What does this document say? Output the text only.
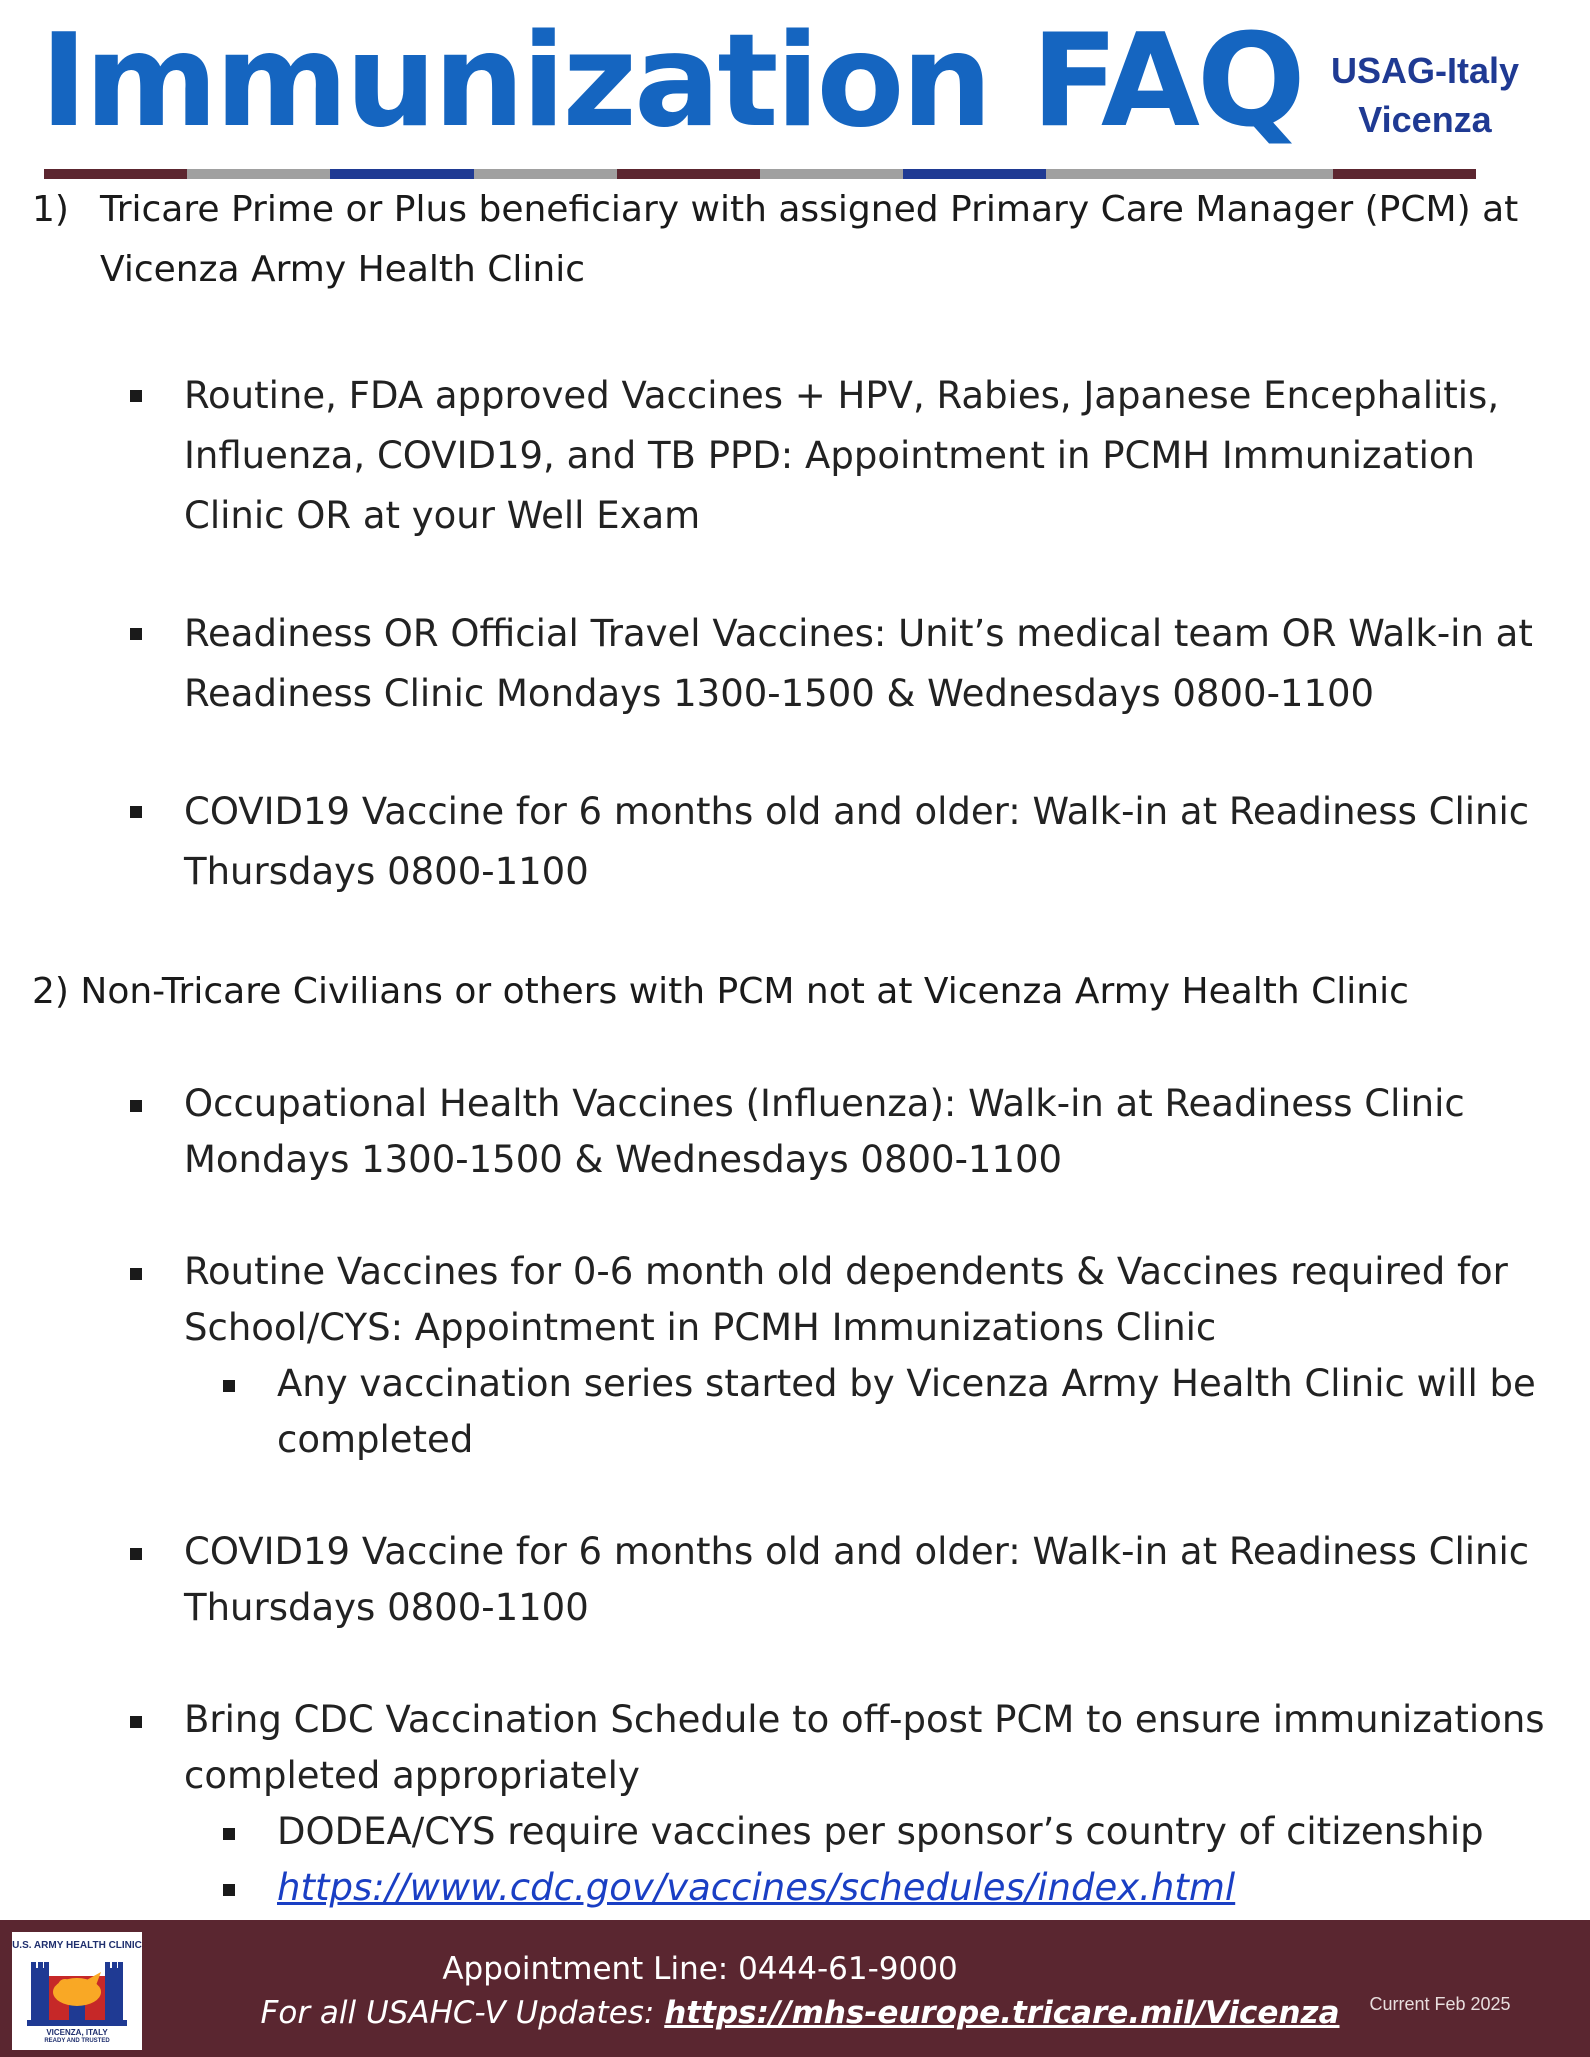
Immunization FAQ USAG-Italy
Vicenza
1) Tricare Prime or Plus beneficiary with assigned Primary Care Manager (PCM) at Vicenza Army Health Clinic

Routine, FDA approved Vaccines + HPV, Rabies, Japanese Encephalitis, Influenza, COVID19, and TB PPD: Appointment in PCMH Immunization Clinic OR at your Well Exam

Readiness OR Official Travel Vaccines: Unit’s medical team OR Walk-in at Readiness Clinic Mondays 1300-1500 & Wednesdays 0800-1100

COVID19 Vaccine for 6 months old and older: Walk-in at Readiness Clinic Thursdays 0800-1100

2) Non-Tricare Civilians or others with PCM not at Vicenza Army Health Clinic

Occupational Health Vaccines (Influenza): Walk-in at Readiness Clinic Mondays 1300-1500 & Wednesdays 0800-1100

Routine Vaccines for 0-6 month old dependents & Vaccines required for School/CYS: Appointment in PCMH Immunizations Clinic

Any vaccination series started by Vicenza Army Health Clinic will be completed

COVID19 Vaccine for 6 months old and older: Walk-in at Readiness Clinic Thursdays 0800-1100

Bring CDC Vaccination Schedule to off-post PCM to ensure immunizations completed appropriately

DODEA/CYS require vaccines per sponsor’s country of citizenship

https://www.cdc.gov/vaccines/schedules/index.html

U.S. ARMY HEALTH CLINIC
VICENZA, ITALY
READY AND TRUSTED
Appointment Line: 0444-61-9000
For all USAHC-V Updates: https://mhs-europe.tricare.mil/Vicenza	Current Feb 2025
